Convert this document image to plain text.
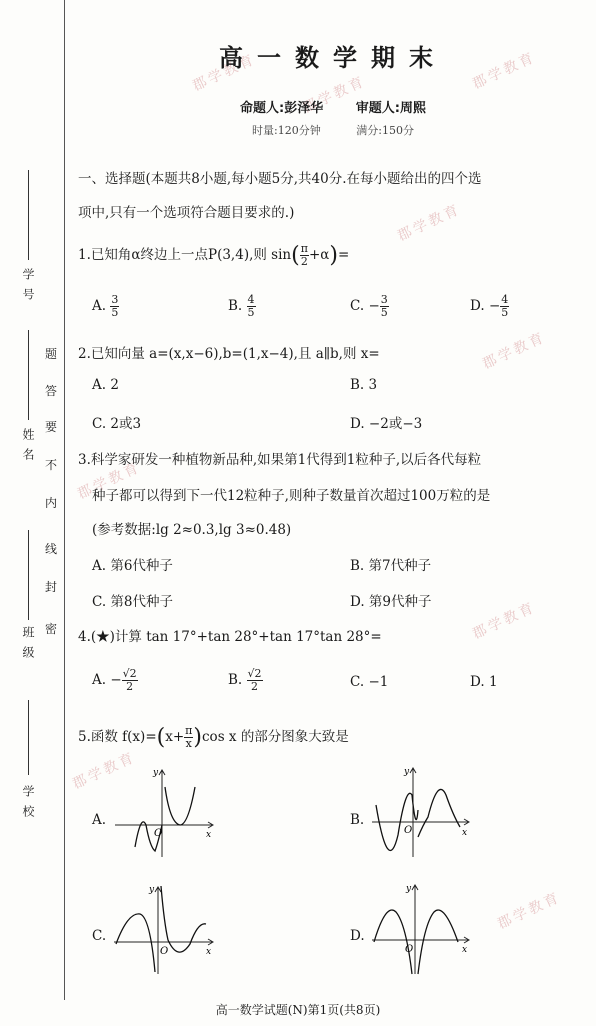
郡学教育
郡学教育
郡学教育
郡学教育
郡学教育
郡学教育
郡学教育
郡学教育
郡学教育
学 号
姓 名
班 级
学 校
题
答
要
不
内
线
封
密
高一数学期末
命题人:彭泽华	审题人:周熙
时量:120分钟	满分:150分
一、选择题(本题共8小题,每小题5分,共40分.在每小题给出的四个选
项中,只有一个选项符合题目要求的.)
1.已知角α终边上一点P(3,4),则 $\sin( \frac{\pi}{2} +\alpha)=$
A. $\frac{3}{5}$	B. $\frac{4}{5}$	C. − $\frac{3}{5}$	D. − $\frac{4}{5}$
2.已知向量 a=(x,x−6),b=(1,x−4),且 a∥b,则 x=
A. 2	B. 3
C. 2或3	D. −2或−3
3.科学家研发一种植物新品种,如果第1代得到1粒种子,以后各代每粒
种子都可以得到下一代12粒种子,则种子数量首次超过100万粒的是
(参考数据:lg 2≈0.3,lg 3≈0.48)
A. 第6代种子	B. 第7代种子
C. 第8代种子	D. 第9代种子
4.(★)计算 tan 17°+tan 28°+tan 17°tan 28°=
A. − $\frac{√2}{2}$	B. $\frac{√2}{2}$	C. −1	D. 1
5.函数 $f(x)=(x+ \frac{\pi}{x} )\cos$ x 的部分图象大致是
A.	B.
C.	D.
O	x
y
O	x
y
O	x
y
O	x
y
高一数学试题(N)第1页(共8页)
